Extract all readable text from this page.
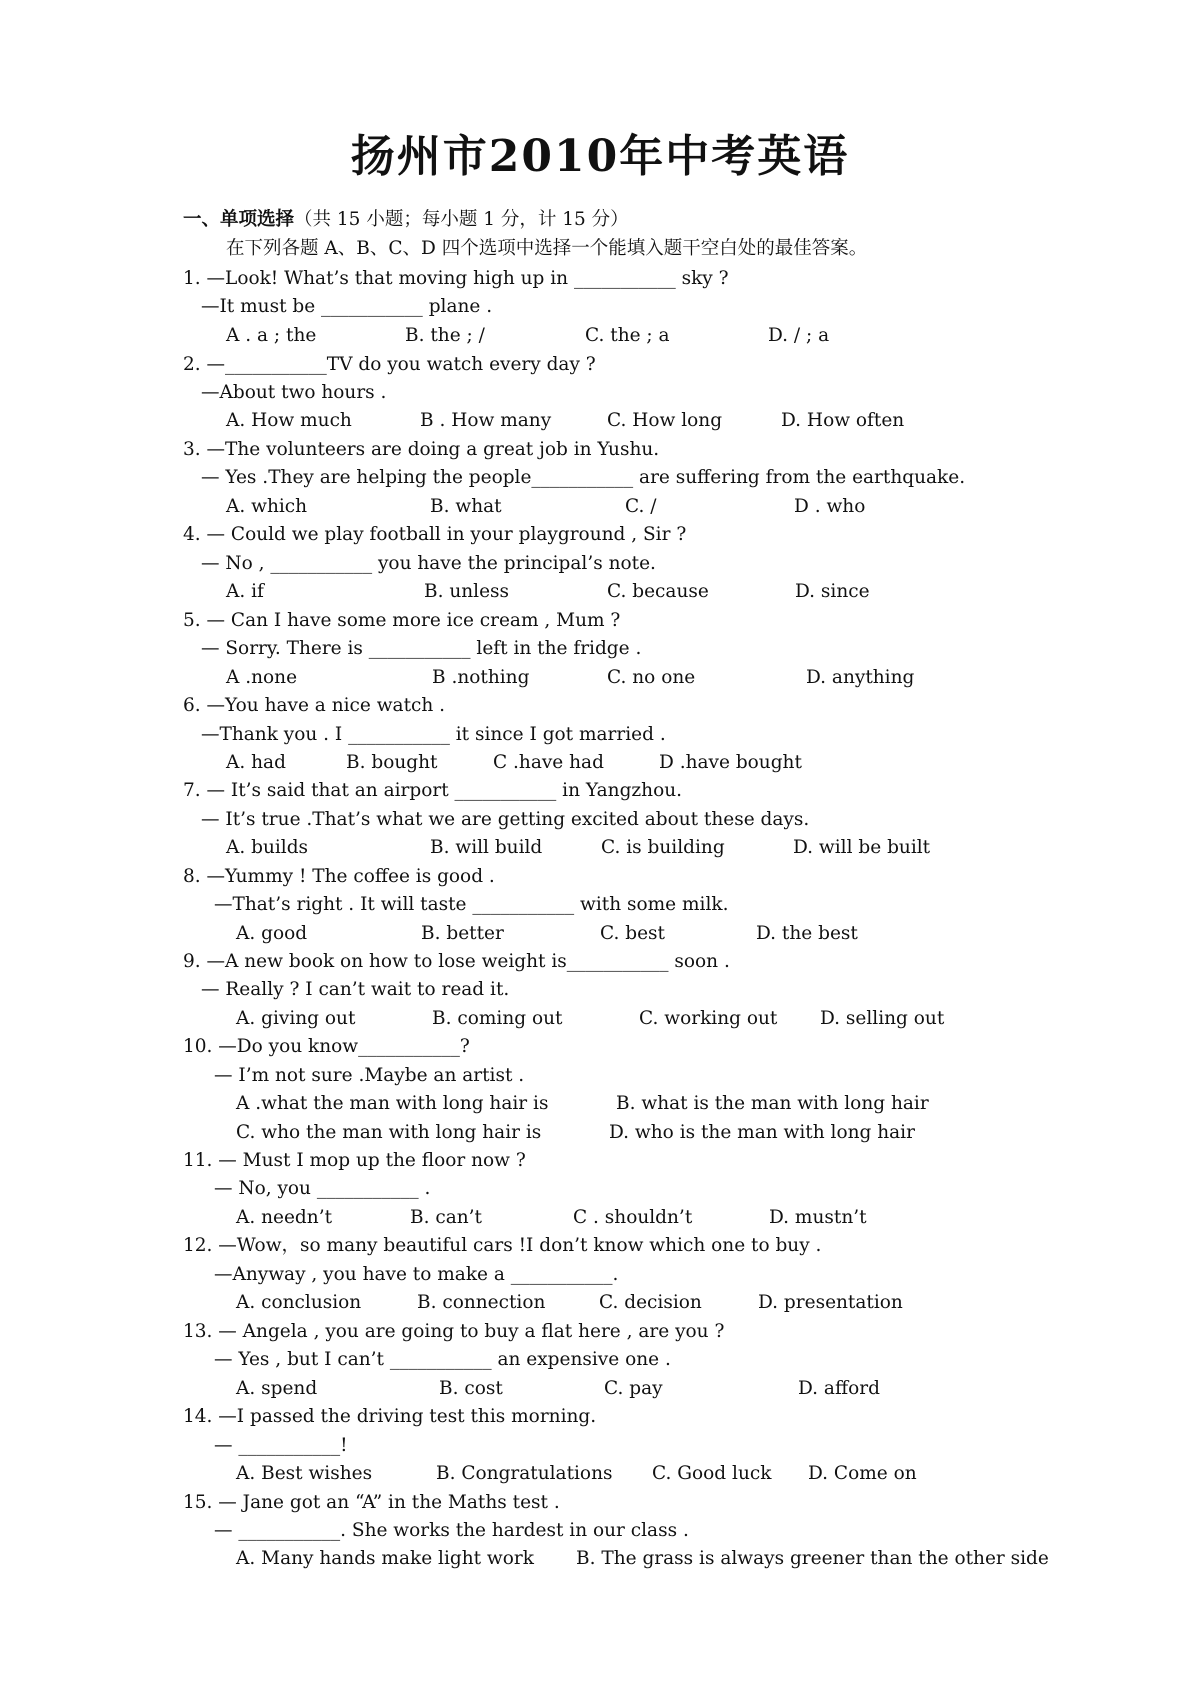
扬州市2010年中考英语
一、单项选择（共 15 小题；每小题 1 分，计 15 分）
在下列各题 A、B、C、D 四个选项中选择一个能填入题干空白处的最佳答案。
1. —Look! What’s that moving high up in ___________ sky ?
—It must be ___________ plane .
A . a ; the	B. the ; /	C. the ; a	D. / ; a
2. —___________TV do you watch every day ?
—About two hours .
A. How much	B . How many	C. How long	D. How often
3. —The volunteers are doing a great job in Yushu.
— Yes .They are helping the people___________ are suffering from the earthquake.
A. which	B. what	C. /	D . who
4. — Could we play football in your playground , Sir ?
— No , ___________ you have the principal’s note.
A. if	B. unless	C. because	D. since
5. — Can I have some more ice cream , Mum ?
— Sorry. There is ___________ left in the fridge .
A .none	B .nothing	C. no one	D. anything
6. —You have a nice watch .
—Thank you . I ___________ it since I got married .
A. had	B. bought	C .have had	D .have bought
7. — It’s said that an airport ___________ in Yangzhou.
— It’s true .That’s what we are getting excited about these days.
A. builds	B. will build	C. is building	D. will be built
8. —Yummy ! The coffee is good .
—That’s right . It will taste ___________ with some milk.
A. good	B. better	C. best	D. the best
9. —A new book on how to lose weight is___________ soon .
— Really ? I can’t wait to read it.
A. giving out	B. coming out	C. working out D. selling out
10. —Do you know___________?
— I’m not sure .Maybe an artist .
A .what the man with long hair is	B. what is the man with long hair
C. who the man with long hair is	D. who is the man with long hair
11. — Must I mop up the floor now ?
— No, you ___________ .
A. needn’t	B. can’t	C . shouldn’t	D. mustn’t
12. —Wow，so many beautiful cars !I don’t know which one to buy .
—Anyway , you have to make a ___________.
A. conclusion	B. connection	C. decision	D. presentation
13. — Angela , you are going to buy a flat here , are you ?
— Yes , but I can’t ___________ an expensive one .
A. spend	B. cost	C. pay	D. afford
14. —I passed the driving test this morning.
— ___________!
A. Best wishes	B. Congratulations C. Good luck D. Come on
15. — Jane got an “A” in the Maths test .
— ___________. She works the hardest in our class .
A. Many hands make light work B. The grass is always greener than the other side
